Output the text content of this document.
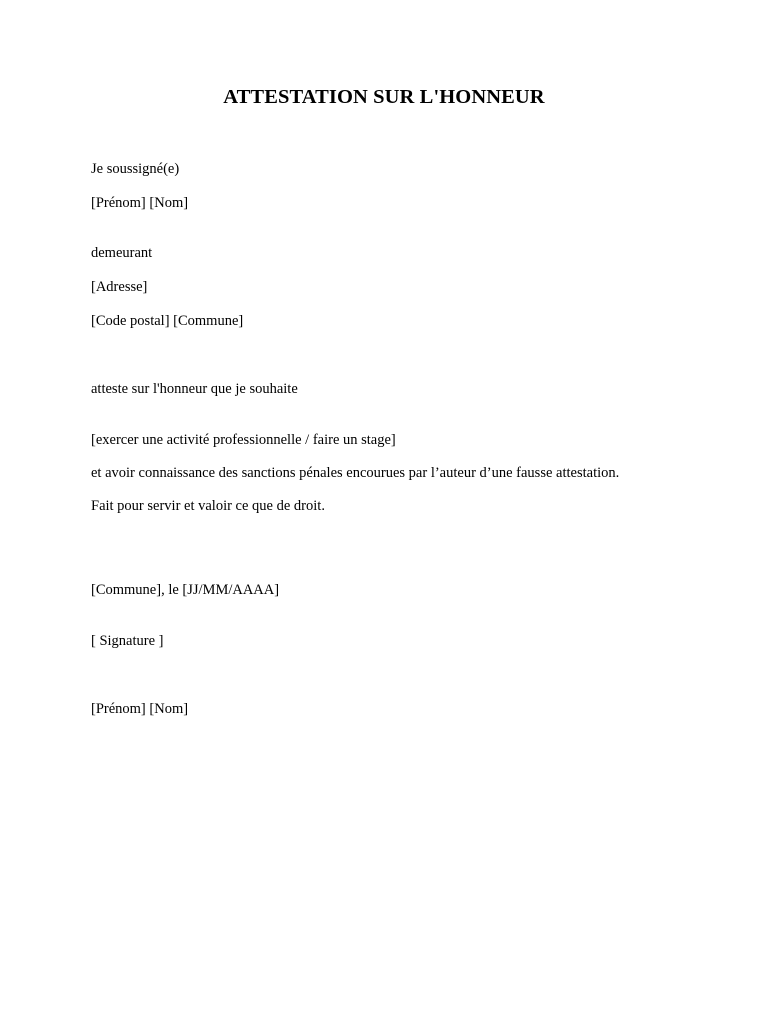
ATTESTATION SUR L'HONNEUR
Je soussigné(e)
[Prénom] [Nom]
demeurant
[Adresse]
[Code postal] [Commune]
atteste sur l'honneur que je souhaite
[exercer une activité professionnelle / faire un stage]
et avoir connaissance des sanctions pénales encourues par l’auteur d’une fausse attestation.
Fait pour servir et valoir ce que de droit.
[Commune], le [JJ/MM/AAAA]
[ Signature ]
[Prénom] [Nom]
